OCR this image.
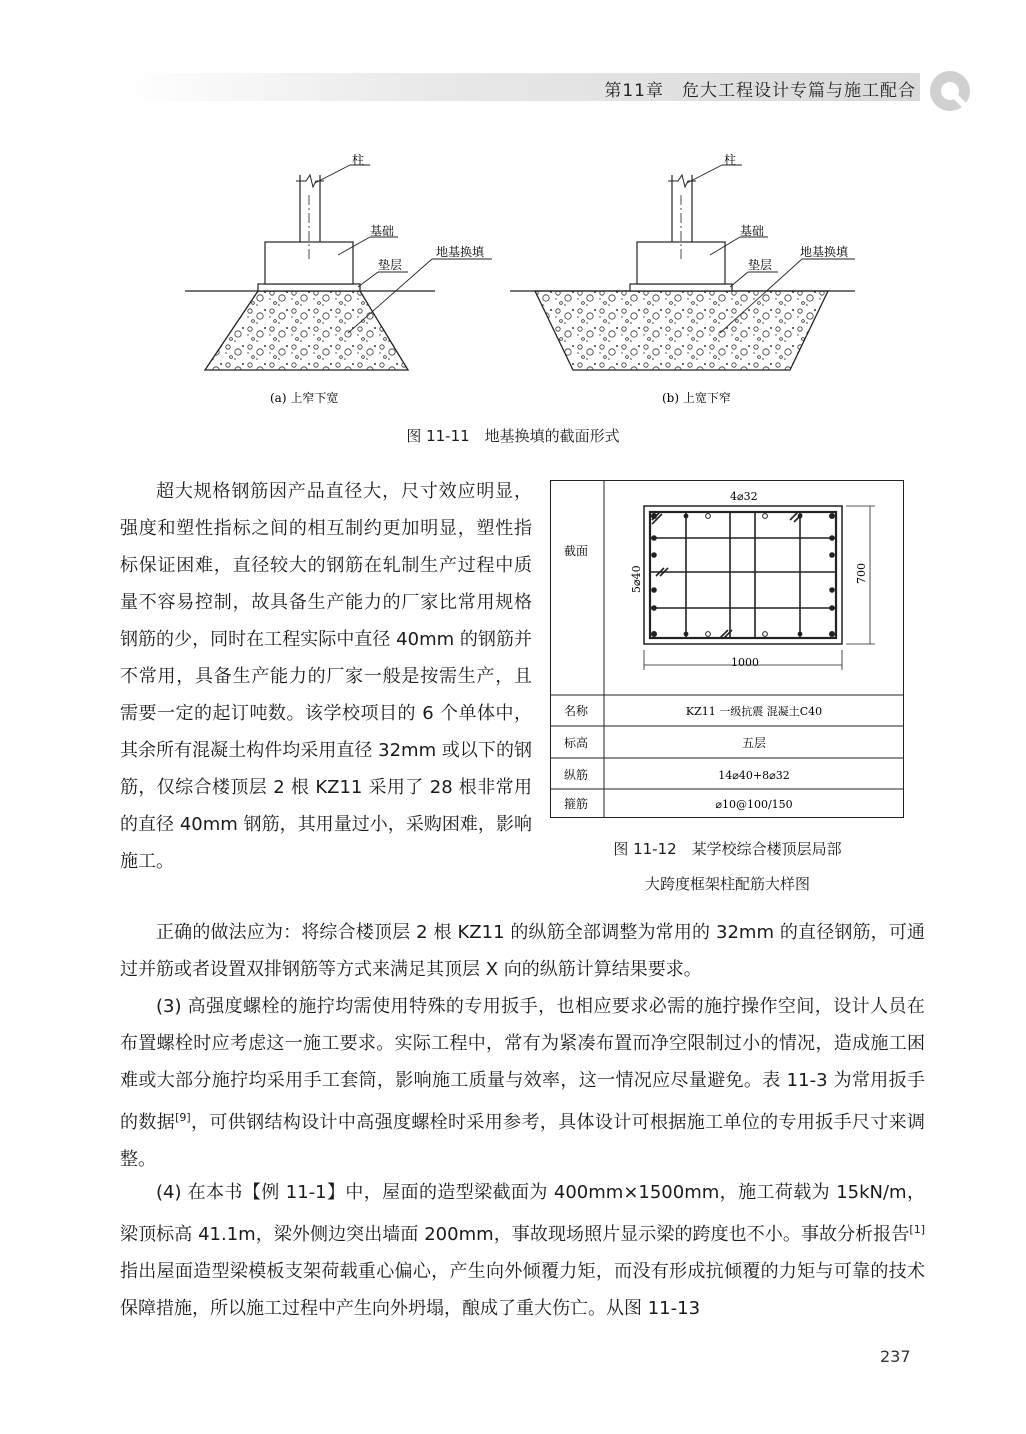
第11章　危大工程设计专篇与施工配合
柱
基础
垫层
地基换填
(a) 上窄下宽
柱
基础
垫层
地基换填
(b) 上宽下窄
图 11-11　地基换填的截面形式
超大规格钢筋因产品直径大，尺寸效应明显，强度和塑性指标之间的相互制约更加明显，塑性指标保证困难，直径较大的钢筋在轧制生产过程中质量不容易控制，故具备生产能力的厂家比常用规格钢筋的少，同时在工程实际中直径 40mm 的钢筋并不常用，具备生产能力的厂家一般是按需生产，且需要一定的起订吨数。该学校项目的 6 个单体中，其余所有混凝土构件均采用直径 32mm 或以下的钢筋，仅综合楼顶层 2 根 KZ11 采用了 28 根非常用的直径 40mm 钢筋，其用量过小，采购困难，影响施工。
截面
4⌀32
1000
5⌀40	700
名称	KZ11 一级抗震 混凝土C40
标高	五层
纵筋	14⌀40+8⌀32
箍筋	⌀10@100/150
图 11-12　某学校综合楼顶层局部
大跨度框架柱配筋大样图
正确的做法应为：将综合楼顶层 2 根 KZ11 的纵筋全部调整为常用的 32mm 的直径钢筋，可通过并筋或者设置双排钢筋等方式来满足其顶层 X 向的纵筋计算结果要求。
(3) 高强度螺栓的施拧均需使用特殊的专用扳手，也相应要求必需的施拧操作空间，设计人员在布置螺栓时应考虑这一施工要求。实际工程中，常有为紧凑布置而净空限制过小的情况，造成施工困难或大部分施拧均采用手工套筒，影响施工质量与效率，这一情况应尽量避免。表 11-3 为常用扳手的数据[9]，可供钢结构设计中高强度螺栓时采用参考，具体设计可根据施工单位的专用扳手尺寸来调整。
(4) 在本书【例 11-1】中，屋面的造型梁截面为 400mm×1500mm，施工荷载为 15kN/m，梁顶标高 41.1m，梁外侧边突出墙面 200mm，事故现场照片显示梁的跨度也不小。事故分析报告[1] 指出屋面造型梁模板支架荷载重心偏心，产生向外倾覆力矩，而没有形成抗倾覆的力矩与可靠的技术保障措施，所以施工过程中产生向外坍塌，酿成了重大伤亡。从图 11-13
237
